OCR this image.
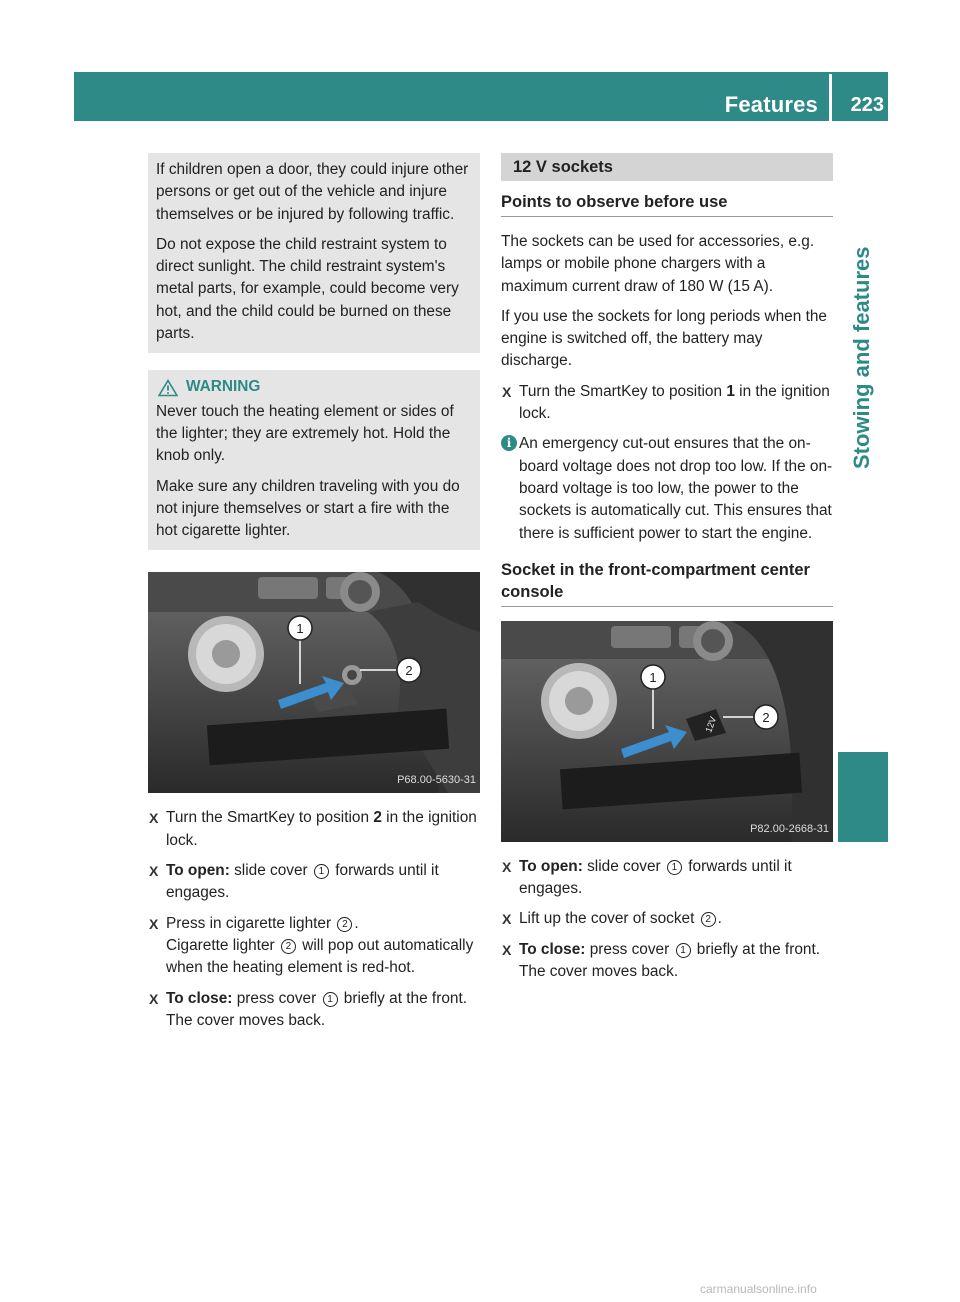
Features 223
Stowing and features

If children open a door, they could injure other persons or get out of the vehicle and injure themselves or be injured by following traffic.

Do not expose the child restraint system to direct sunlight. The child restraint system's metal parts, for example, could become very hot, and the child could be burned on these parts.

WARNING

Never touch the heating element or sides of the lighter; they are extremely hot. Hold the knob only.

Make sure any children traveling with you do not injure themselves or start a fire with the hot cigarette lighter.

1
2
P68.00-5630-31
X Turn the SmartKey to position 2 in the ignition lock.
X To open: slide cover 1 forwards until it engages.
X Press in cigarette lighter 2 .
Cigarette lighter 2 will pop out automatically when the heating element is red-hot.
X To close: press cover 1 briefly at the front.
The cover moves back.
12 V sockets
Points to observe before use

The sockets can be used for accessories, e.g. lamps or mobile phone chargers with a maximum current draw of 180 W (15 A).

If you use the sockets for long periods when the engine is switched off, the battery may discharge.

X Turn the SmartKey to position 1 in the ignition lock.
i An emergency cut-out ensures that the on-board voltage does not drop too low. If the on-board voltage is too low, the power to the sockets is automatically cut. This ensures that there is sufficient power to start the engine.
Socket in the front-compartment center console
12V
1
2
P82.00-2668-31
X To open: slide cover 1 forwards until it engages.
X Lift up the cover of socket 2 .
X To close: press cover 1 briefly at the front.
The cover moves back.
carmanualsonline.info
